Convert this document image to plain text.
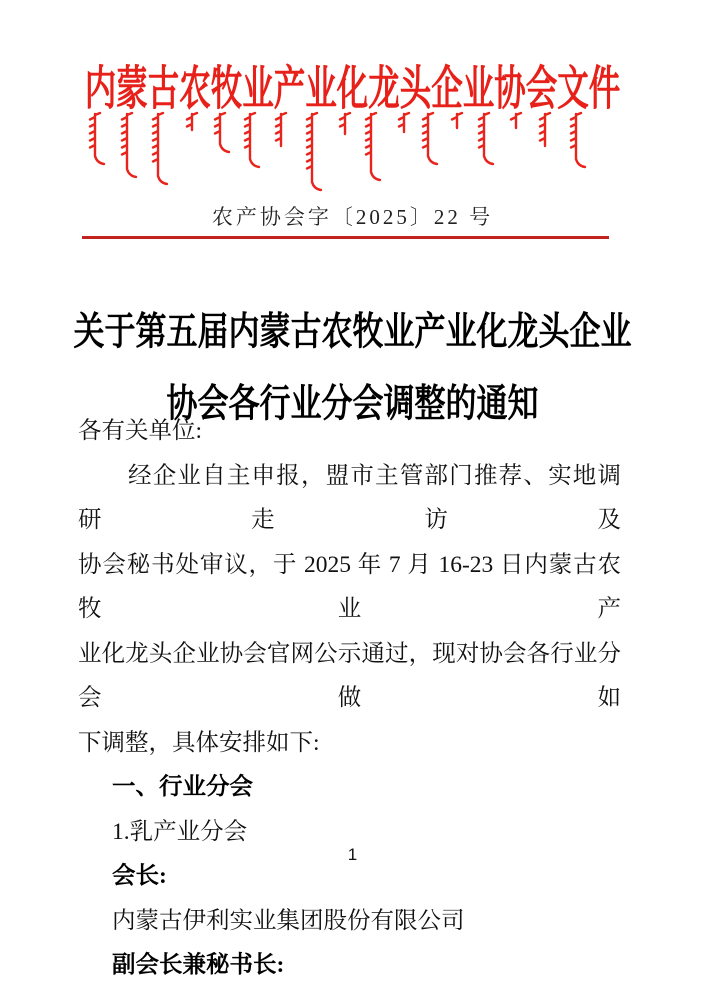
内蒙古农牧业产业化龙头企业协会文件
农产协会字〔2025〕22 号
关于第五届内蒙古农牧业产业化龙头企业
协会各行业分会调整的通知
各有关单位:
经企业自主申报，盟市主管部门推荐、实地调研走访及
协会秘书处审议，于 2025 年 7 月 16-23 日内蒙古农牧业产
业化龙头企业协会官网公示通过，现对协会各行业分会做如
下调整，具体安排如下:
一、行业分会
1.乳产业分会
会长:
内蒙古伊利实业集团股份有限公司
副会长兼秘书长:
1
